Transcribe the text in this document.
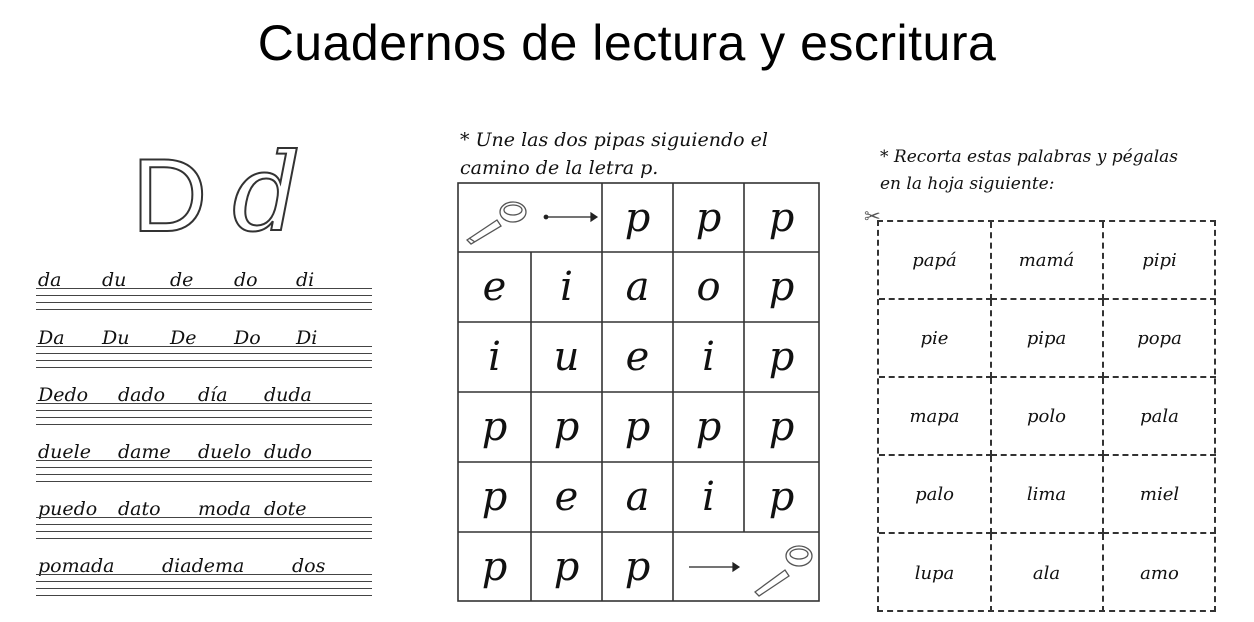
Cuadernos de lectura y escritura
D d
da du de do di
Da Du De Do Di
Dedo dado día duda
duele dame duelo dudo
puedo dato moda dote
pomada	diadema	dos
* Une las dos pipas siguiendo el
camino de la letra p.
p	p	p
e	i	a	o	p
i	u	e	i	p
p	p	p	p	p
p	e	a	i	p
p	p	p
* Recorta estas palabras y pégalas
en la hoja siguiente:
✂
papá	mamá	pipi
pie	pipa	popa
mapa	polo	pala
palo	lima	miel
lupa	ala	amo
